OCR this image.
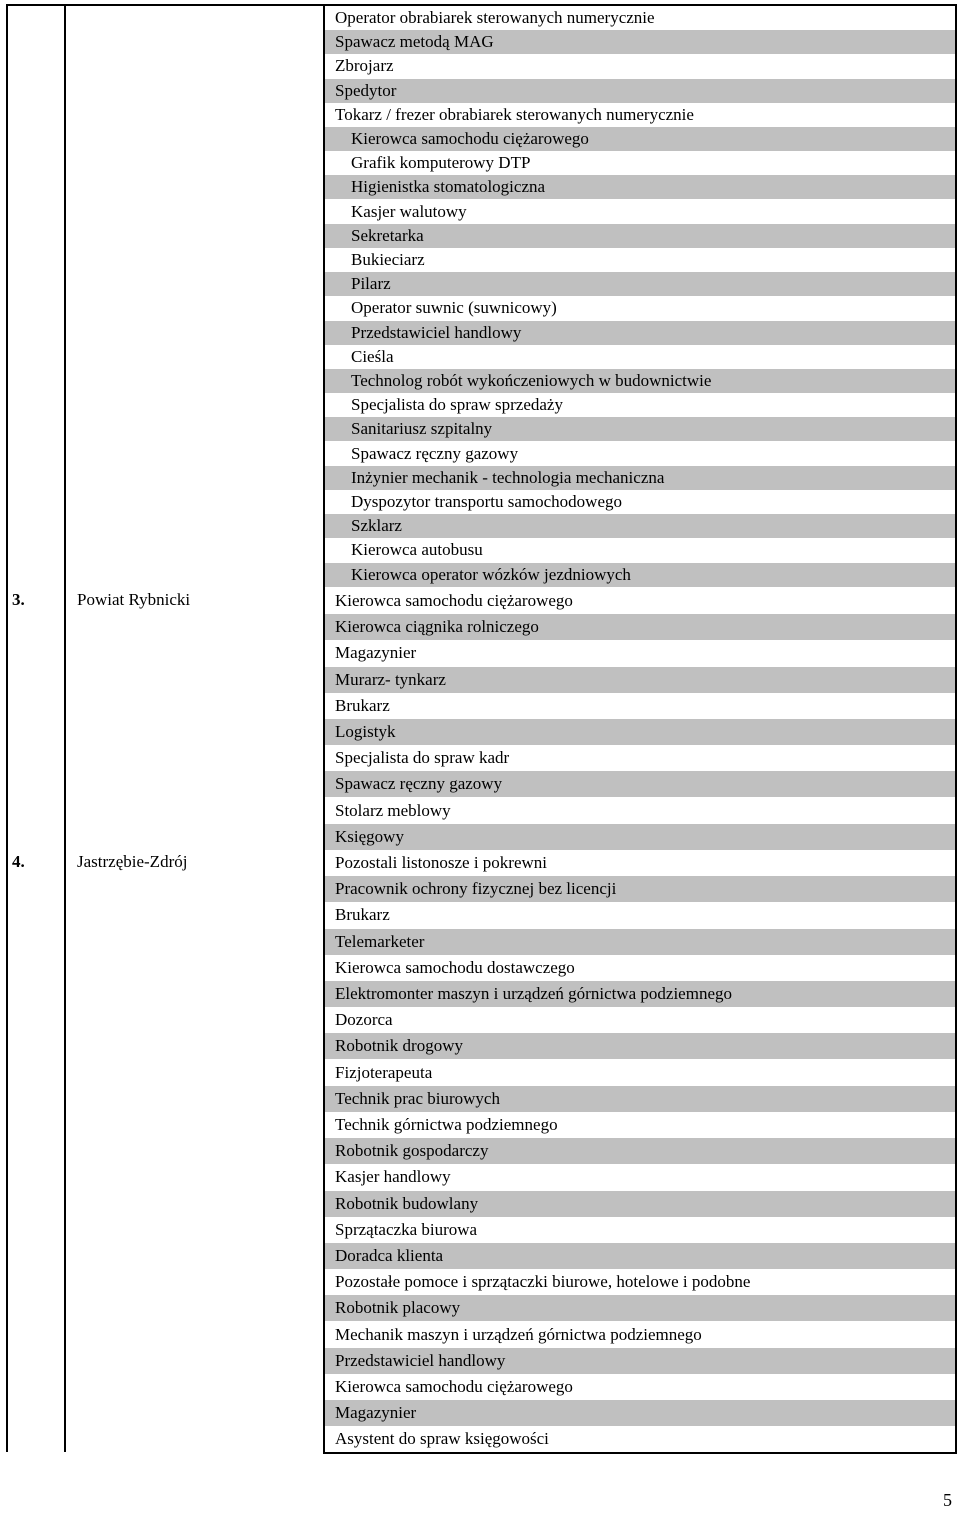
3.	Powiat Rybnicki
4.	Jastrzębie-Zdrój
Operator obrabiarek sterowanych numerycznie
Spawacz metodą MAG
Zbrojarz
Spedytor
Tokarz / frezer obrabiarek sterowanych numerycznie
Kierowca samochodu ciężarowego
Grafik komputerowy DTP
Higienistka stomatologiczna
Kasjer walutowy
Sekretarka
Bukieciarz
Pilarz
Operator suwnic (suwnicowy)
Przedstawiciel handlowy
Cieśla
Technolog robót wykończeniowych w budownictwie
Specjalista do spraw sprzedaży
Sanitariusz szpitalny
Spawacz ręczny gazowy
Inżynier mechanik - technologia mechaniczna
Dyspozytor transportu samochodowego
Szklarz
Kierowca autobusu
Kierowca operator wózków jezdniowych
Kierowca samochodu ciężarowego
Kierowca ciągnika rolniczego
Magazynier
Murarz- tynkarz
Brukarz
Logistyk
Specjalista do spraw kadr
Spawacz ręczny gazowy
Stolarz meblowy
Księgowy
Pozostali listonosze i pokrewni
Pracownik ochrony fizycznej bez licencji
Brukarz
Telemarketer
Kierowca samochodu dostawczego
Elektromonter maszyn i urządzeń górnictwa podziemnego
Dozorca
Robotnik drogowy
Fizjoterapeuta
Technik prac biurowych
Technik górnictwa podziemnego
Robotnik gospodarczy
Kasjer handlowy
Robotnik budowlany
Sprzątaczka biurowa
Doradca klienta
Pozostałe pomoce i sprzątaczki biurowe, hotelowe i podobne
Robotnik placowy
Mechanik maszyn i urządzeń górnictwa podziemnego
Przedstawiciel handlowy
Kierowca samochodu ciężarowego
Magazynier
Asystent do spraw księgowości
5
